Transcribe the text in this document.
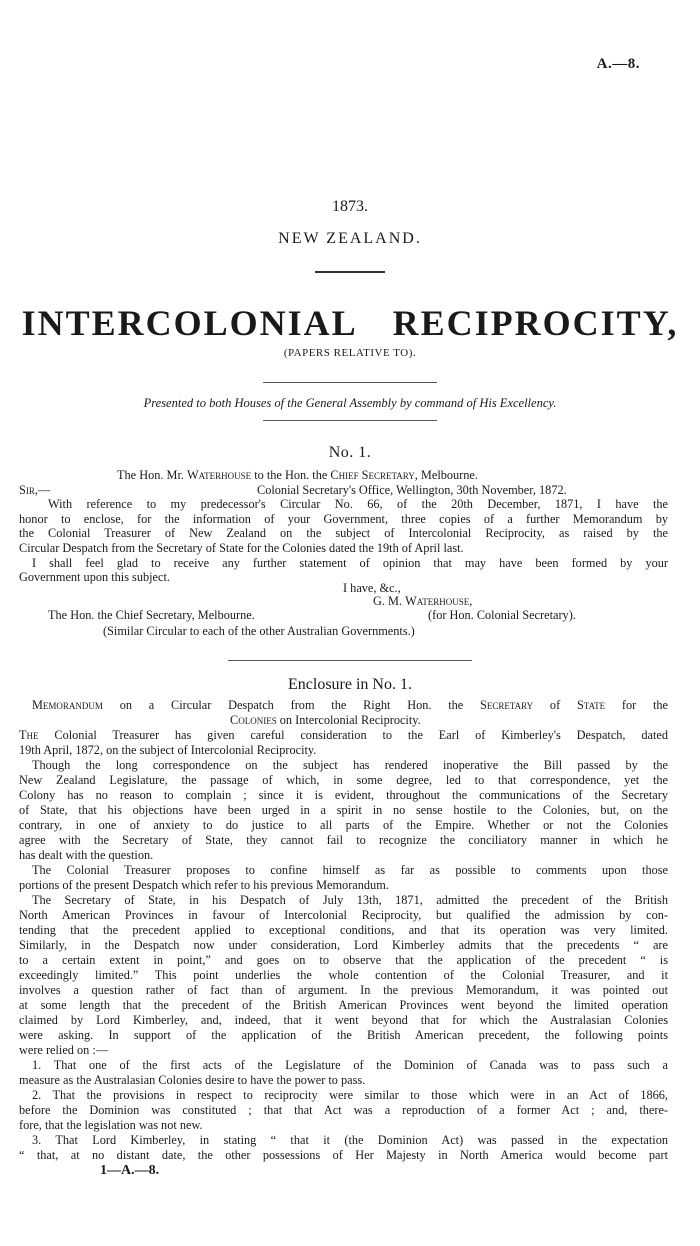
A.—8.
1873.
NEW ZEALAND.
INTERCOLONIAL RECIPROCITY,
(PAPERS RELATIVE TO).
Presented to both Houses of the General Assembly by command of His Excellency.
No. 1.
The Hon. Mr. Waterhouse to the Hon. the Chief Secretary, Melbourne.
Sir,—	Colonial Secretary's Office, Wellington, 30th November, 1872.
With reference to my predecessor's Circular No. 66, of the 20th December, 1871, I have the
honor to enclose, for the information of your Government, three copies of a further Memorandum by
the Colonial Treasurer of New Zealand on the subject of Intercolonial Reciprocity, as raised by the
Circular Despatch from the Secretary of State for the Colonies dated the 19th of April last.
I shall feel glad to receive any further statement of opinion that may have been formed by your
Government upon this subject.
I have, &c.,
G. M. Waterhouse,
The Hon. the Chief Secretary, Melbourne.	(for Hon. Colonial Secretary).
(Similar Circular to each of the other Australian Governments.)
Enclosure in No. 1.
Memorandum on a Circular Despatch from the Right Hon. the Secretary of State for the
Colonies on Intercolonial Reciprocity.
The Colonial Treasurer has given careful consideration to the Earl of Kimberley's Despatch, dated
19th April, 1872, on the subject of Intercolonial Reciprocity.
Though the long correspondence on the subject has rendered inoperative the Bill passed by the
New Zealand Legislature, the passage of which, in some degree, led to that correspondence, yet the
Colony has no reason to complain ; since it is evident, throughout the communications of the Secretary
of State, that his objections have been urged in a spirit in no sense hostile to the Colonies, but, on the
contrary, in one of anxiety to do justice to all parts of the Empire. Whether or not the Colonies
agree with the Secretary of State, they cannot fail to recognize the conciliatory manner in which he
has dealt with the question.
The Colonial Treasurer proposes to confine himself as far as possible to comments upon those
portions of the present Despatch which refer to his previous Memorandum.
The Secretary of State, in his Despatch of July 13th, 1871, admitted the precedent of the British
North American Provinces in favour of Intercolonial Reciprocity, but qualified the admission by con-
tending that the precedent applied to exceptional conditions, and that its operation was very limited.
Similarly, in the Despatch now under consideration, Lord Kimberley admits that the precedents “ are
to a certain extent in point,” and goes on to observe that the application of the precedent “ is
exceedingly limited.” This point underlies the whole contention of the Colonial Treasurer, and it
involves a question rather of fact than of argument. In the previous Memorandum, it was pointed out
at some length that the precedent of the British American Provinces went beyond the limited operation
claimed by Lord Kimberley, and, indeed, that it went beyond that for which the Australasian Colonies
were asking. In support of the application of the British American precedent, the following points
were relied on :—
1. That one of the first acts of the Legislature of the Dominion of Canada was to pass such a
measure as the Australasian Colonies desire to have the power to pass.
2. That the provisions in respect to reciprocity were similar to those which were in an Act of 1866,
before the Dominion was constituted ; that that Act was a reproduction of a former Act ; and, there-
fore, that the legislation was not new.
3. That Lord Kimberley, in stating “ that it (the Dominion Act) was passed in the expectation
“ that, at no distant date, the other possessions of Her Majesty in North America would become part
1—A.—8.
